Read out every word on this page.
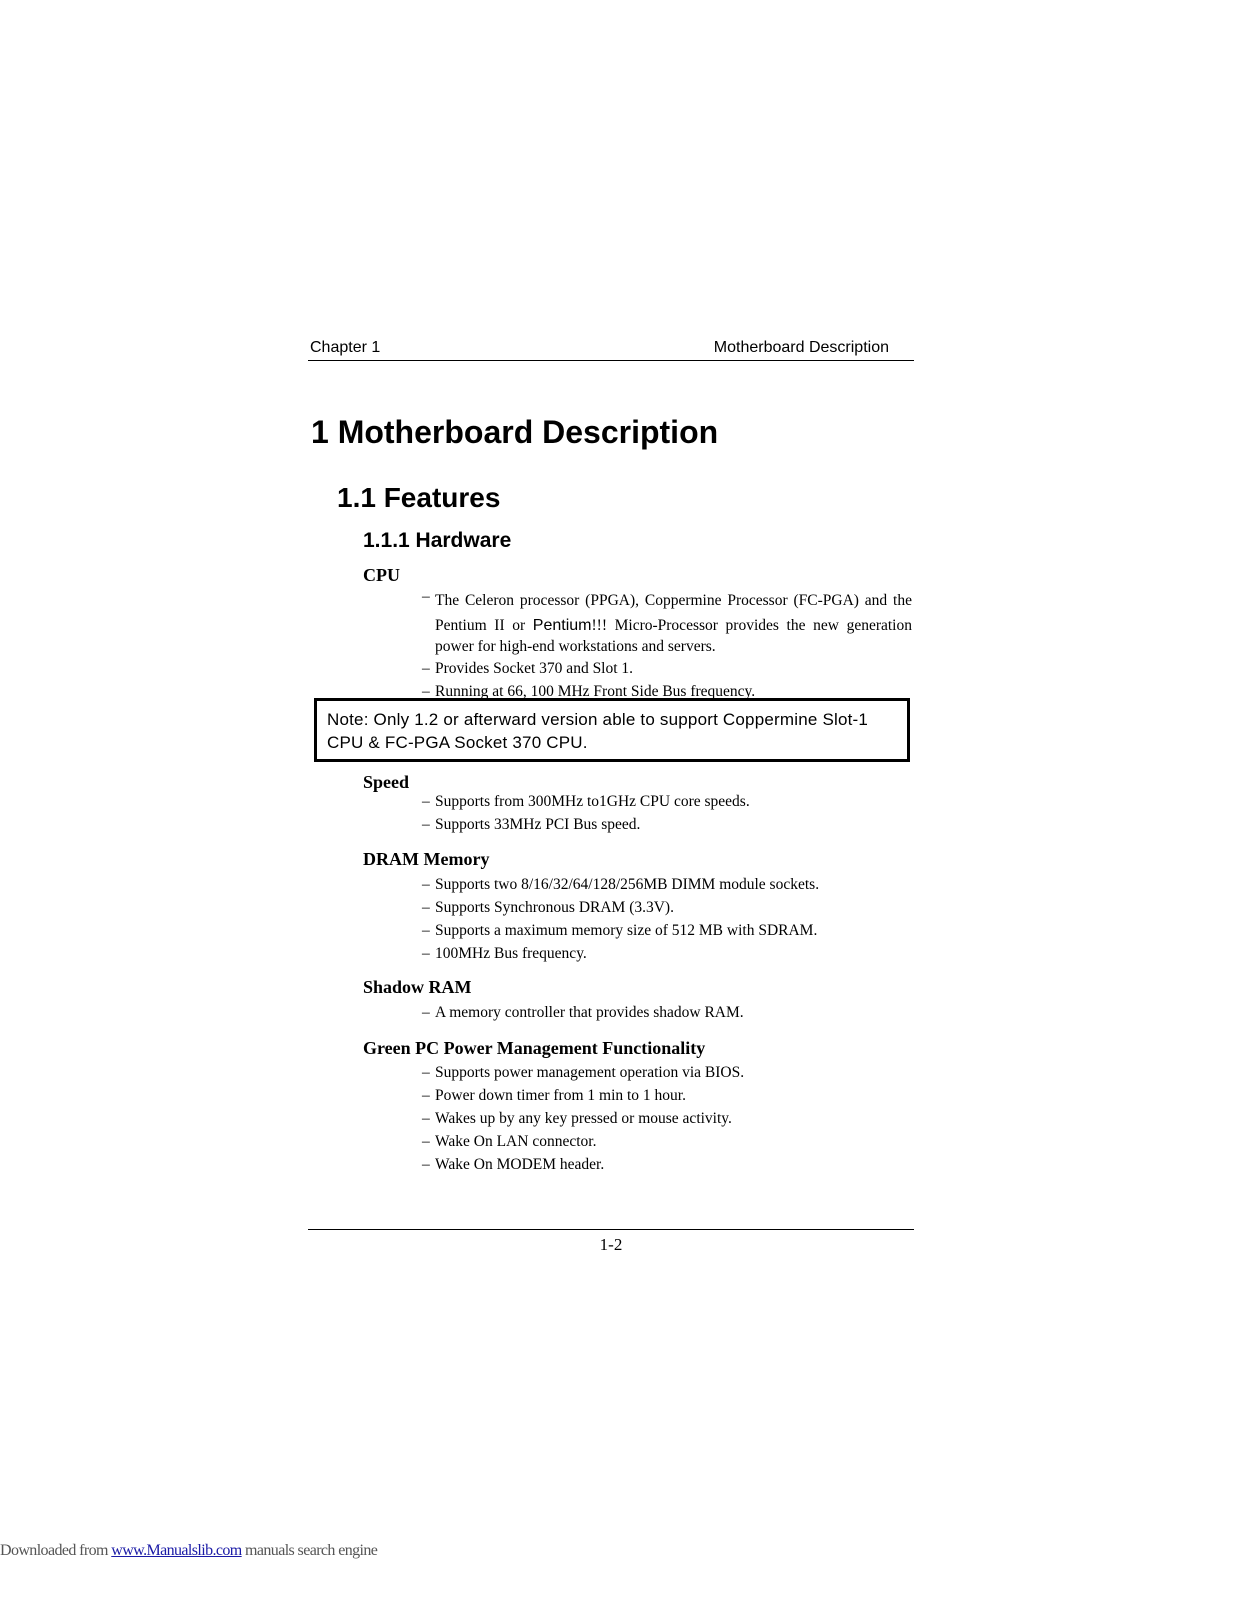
Chapter 1	Motherboard Description
1 Motherboard Description
1.1 Features
1.1.1 Hardware

CPU

– The Celeron processor (PPGA), Coppermine Processor (FC-PGA) and the Pentium II or Pentium!!! Micro-Processor provides the new generation power for high-end workstations and servers.
– Provides Socket 370 and Slot 1.
– Running at 66, 100 MHz Front Side Bus frequency.
Note: Only 1.2 or afterward version able to support Coppermine Slot-1 CPU & FC-PGA Socket 370 CPU.

Speed

– Supports from 300MHz to1GHz CPU core speeds.
– Supports 33MHz PCI Bus speed.

DRAM Memory

– Supports two 8/16/32/64/128/256MB DIMM module sockets.
– Supports Synchronous DRAM (3.3V).
– Supports a maximum memory size of 512 MB with SDRAM.
– 100MHz Bus frequency.

Shadow RAM

– A memory controller that provides shadow RAM.

Green PC Power Management Functionality

– Supports power management operation via BIOS.
– Power down timer from 1 min to 1 hour.
– Wakes up by any key pressed or mouse activity.
– Wake On LAN connector.
– Wake On MODEM header.
1-2
Downloaded from www.Manualslib.com manuals search engine
